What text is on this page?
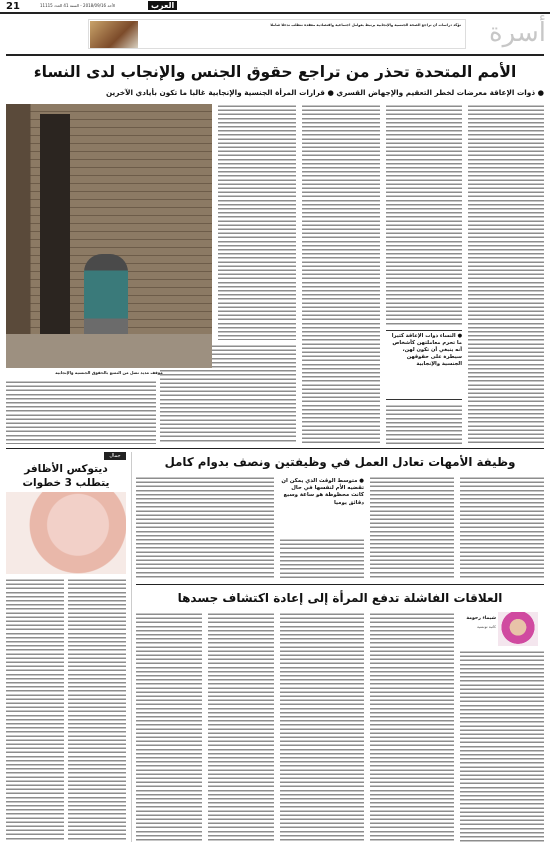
21	الأحد 2018/09/16 - السنة 41 العدد 11115	العرب
تؤكد دراسات أن تراجع الصحة الجنسية والإنجابية يرتبط بعوامل اجتماعية واقتصادية معقدة تتطلب تدخلا شاملا	أسرة
الأمم المتحدة تحذر من تراجع حقوق الجنس والإنجاب لدى النساء
● ذوات الإعاقة معرضات لخطر التعقيم والإجهاض القسري ● قرارات المرأة الجنسية والإنجابية غالبا ما تكون بأيادي الآخرين
● النساء ذوات الإعاقة كثيرا ما تحرم معاملتهن كأشخاص أنه ينبغي أن تكون لهن، سيطرة على حقوقهن الجنسية والإنجابية
موقف مديد تصل من التمتع بالحقوق الجنسية والإنجابية
جمال
ديتوكس الأظافر يتطلب 3 خطوات
وظيفة الأمهات تعادل العمل في وظيفتين ونصف بدوام كامل
● متوسط الوقت الذي يمكن أن تقضيه الأم لنفسها في حال كانت محظوظة هو ساعة وسبع دقائق يوميا
العلاقات الفاشلة تدفع المرأة إلى إعادة اكتشاف جسدها
شيماء رحومة
كاتبة تونسية
